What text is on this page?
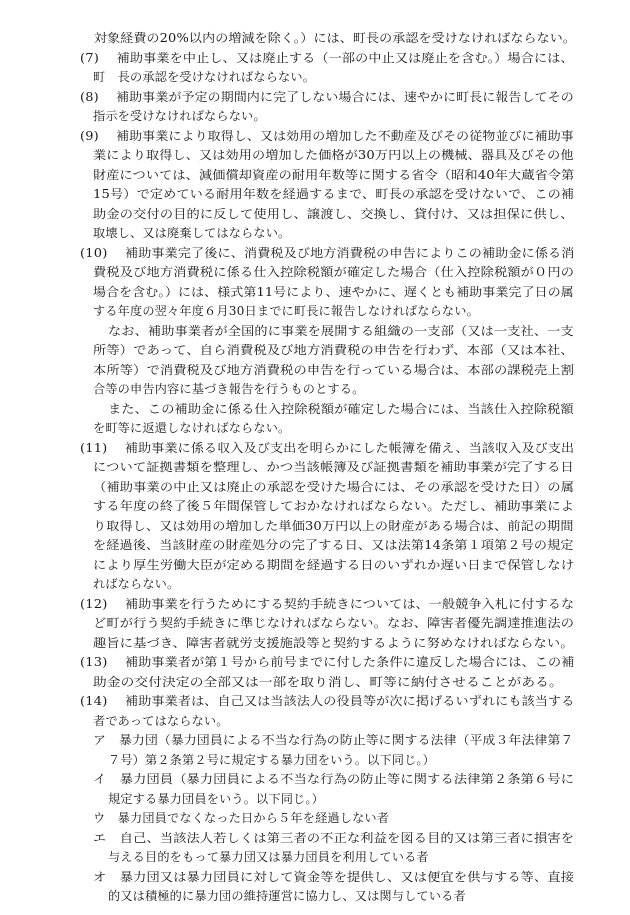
対象経費の20%以内の増減を除く。）には、町長の承認を受けなければならない。
(7)　 補助事業を中止し、又は廃止する（一部の中止又は廃止を含む。）場合には、
町　長の承認を受けなければならない。
(8)　 補助事業が予定の期間内に完了しない場合には、速やかに町長に報告してその
指示を受けなければならない。
(9)　 補助事業により取得し、又は効用の増加した不動産及びその従物並びに補助事
業により取得し、又は効用の増加した価格が30万円以上の機械、器具及びその他
財産については、減価償却資産の耐用年数等に関する省令（昭和40年大蔵省令第
15号）で定めている耐用年数を経過するまで、町長の承認を受けないで、この補
助金の交付の目的に反して使用し、譲渡し、交換し、貸付け、又は担保に供し、
取壊し、又は廃棄してはならない。
(10)　 補助事業完了後に、消費税及び地方消費税の申告によりこの補助金に係る消
費税及び地方消費税に係る仕入控除税額が確定した場合（仕入控除税額が０円の
場合を含む。）には、様式第11号により、速やかに、遅くとも補助事業完了日の属
する年度の翌々年度６月30日までに町長に報告しなければならない。
なお、補助事業者が全国的に事業を展開する組織の一支部（又は一支社、一支
所等）であって、自ら消費税及び地方消費税の申告を行わず、本部（又は本社、
本所等）で消費税及び地方消費税の申告を行っている場合は、本部の課税売上割
合等の申告内容に基づき報告を行うものとする。
また、この補助金に係る仕入控除税額が確定した場合には、当該仕入控除税額
を町等に返還しなければならない。
(11)　 補助事業に係る収入及び支出を明らかにした帳簿を備え、当該収入及び支出
について証拠書類を整理し、かつ当該帳簿及び証拠書類を補助事業が完了する日
（補助事業の中止又は廃止の承認を受けた場合には、その承認を受けた日）の属
する年度の終了後５年間保管しておかなければならない。ただし、補助事業によ
り取得し、又は効用の増加した単価30万円以上の財産がある場合は、前記の期間
を経過後、当該財産の財産処分の完了する日、又は法第14条第１項第２号の規定
により厚生労働大臣が定める期間を経過する日のいずれか遅い日まで保管しなけ
ればならない。
(12)　 補助事業を行うためにする契約手続きについては、一般競争入札に付するな
ど町が行う契約手続きに準じなければならない。なお、障害者優先調達推進法の
趣旨に基づき、障害者就労支援施設等と契約するように努めなければならない。
(13)　 補助事業者が第１号から前号までに付した条件に違反した場合には、この補
助金の交付決定の全部又は一部を取り消し、町等に納付させることがある。
(14)　 補助事業者は、自己又は当該法人の役員等が次に掲げるいずれにも該当する
者であってはならない。
ア　暴力団（暴力団員による不当な行為の防止等に関する法律（平成３年法律第７
７号）第２条第２号に規定する暴力団をいう。以下同じ。）
イ　暴力団員（暴力団員による不当な行為の防止等に関する法律第２条第６号に
規定する暴力団員をいう。以下同じ。）
ウ　暴力団員でなくなった日から５年を経過しない者
エ　自己、当該法人若しくは第三者の不正な利益を図る目的又は第三者に損害を
与える目的をもって暴力団又は暴力団員を利用している者
オ　暴力団又は暴力団員に対して資金等を提供し、又は便宜を供与する等、直接
的又は積極的に暴力団の維持運営に協力し、又は関与している者
